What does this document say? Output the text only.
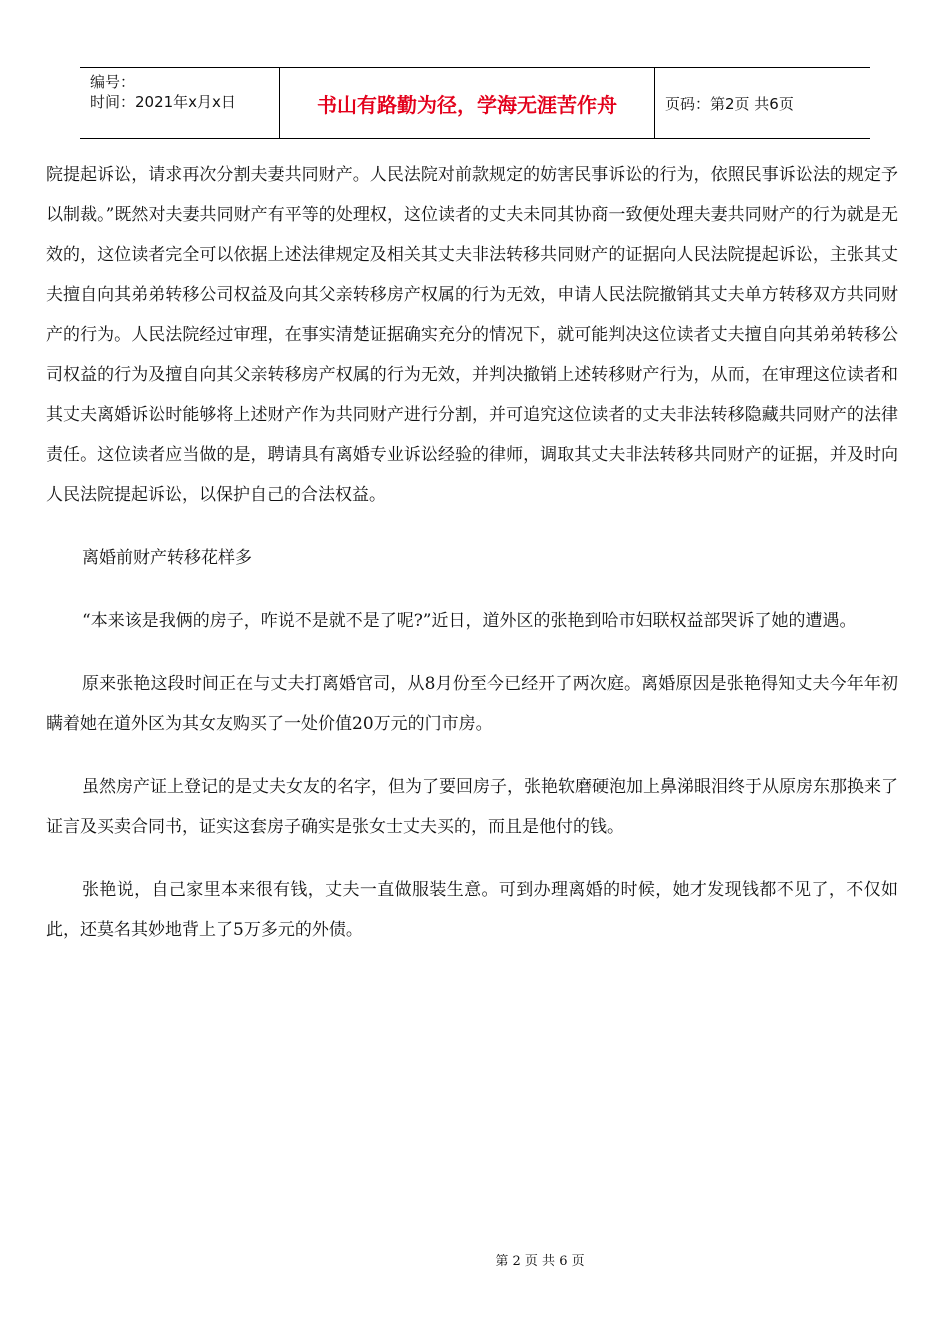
编号：
时间：2021年x月x日	书山有路勤为径，学海无涯苦作舟	页码：第2页 共6页

院提起诉讼，请求再次分割夫妻共同财产。人民法院对前款规定的妨害民事诉讼的行为，依照民事诉讼法的规定予以制裁。”既然对夫妻共同财产有平等的处理权，这位读者的丈夫未同其协商一致便处理夫妻共同财产的行为就是无效的，这位读者完全可以依据上述法律规定及相关其丈夫非法转移共同财产的证据向人民法院提起诉讼，主张其丈夫擅自向其弟弟转移公司权益及向其父亲转移房产权属的行为无效，申请人民法院撤销其丈夫单方转移双方共同财产的行为。人民法院经过审理，在事实清楚证据确实充分的情况下，就可能判决这位读者丈夫擅自向其弟弟转移公司权益的行为及擅自向其父亲转移房产权属的行为无效，并判决撤销上述转移财产行为，从而，在审理这位读者和其丈夫离婚诉讼时能够将上述财产作为共同财产进行分割，并可追究这位读者的丈夫非法转移隐藏共同财产的法律责任。这位读者应当做的是，聘请具有离婚专业诉讼经验的律师，调取其丈夫非法转移共同财产的证据，并及时向人民法院提起诉讼，以保护自己的合法权益。

离婚前财产转移花样多

“本来该是我俩的房子，咋说不是就不是了呢?”近日，道外区的张艳到哈市妇联权益部哭诉了她的遭遇。

原来张艳这段时间正在与丈夫打离婚官司，从8月份至今已经开了两次庭。离婚原因是张艳得知丈夫今年年初瞒着她在道外区为其女友购买了一处价值20万元的门市房。

虽然房产证上登记的是丈夫女友的名字，但为了要回房子，张艳软磨硬泡加上鼻涕眼泪终于从原房东那换来了证言及买卖合同书，证实这套房子确实是张女士丈夫买的，而且是他付的钱。

张艳说，自己家里本来很有钱，丈夫一直做服装生意。可到办理离婚的时候，她才发现钱都不见了，不仅如此，还莫名其妙地背上了5万多元的外债。

第 2 页 共 6 页
